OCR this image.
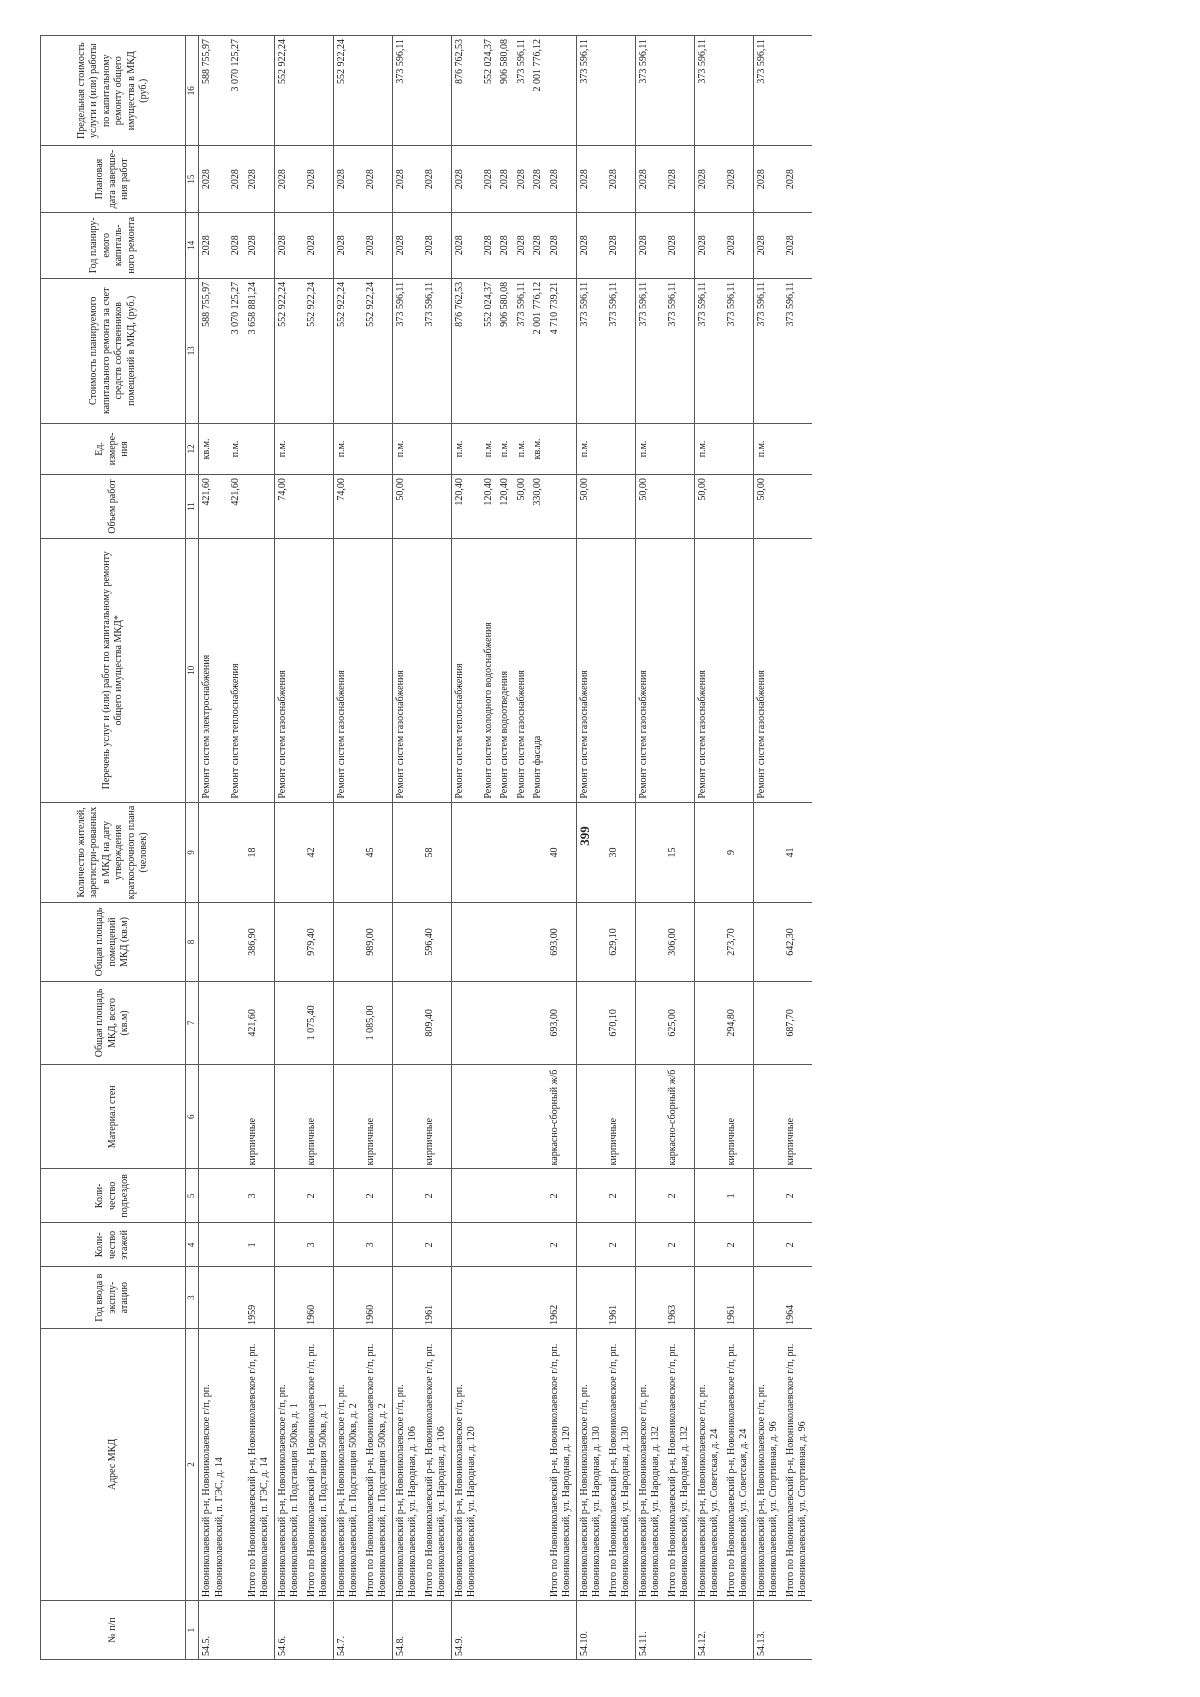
399
№ п/п	Адрес МКД	Год ввода в эксплу-атацию	Коли-чество этажей	Коли-чество подъездов	Материал стен	Общая площадь МКД, всего (кв.м)	Общая площадь помещений МКД (кв.м)	Количество жителей, зарегистри-рованных в МКД на дату утверждения краткосрочного плана (человек)	Перечень услуг и (или) работ по капитальному ремонту общего имущества МКД*	Объем работ	Ед. измере-ния	Стоимость планируемого капитального ремонта за счет средств собственников помещений в МКД, (руб.)	Год планиру-емого капиталь-ного ремонта	Плановая дата заверше-ния работ	Предельная стоимость услуги и (или) работы по капитальному ремонту общего имущества в МКД (руб.)
1	2	3	4	5	6	7	8	9	10	11	12	13	14	15	16
54.5.	Новониколаевский р-н, Новониколаевское г/п, рп. Новониколаевский, п. ГЭС, д. 14								Ремонт систем электроснабжения	421,60	кв.м.	588 755,97	2028	2028	588 755,97
									Ремонт систем теплоснабжения	421,60	п.м.	3 070 125,27	2028	2028	3 070 125,27
	Итого по Новониколаевский р-н, Новониколаевское г/п, рп. Новониколаевский, п. ГЭС, д. 14	1959	1	3	кирпичные	421,60	386,90	18				3 658 881,24	2028	2028	
54.6.	Новониколаевский р-н, Новониколаевское г/п, рп. Новониколаевский, п. Подстанция 500кв, д. 1								Ремонт систем газоснабжения	74,00	п.м.	552 922,24	2028	2028	552 922,24
	Итого по Новониколаевский р-н, Новониколаевское г/п, рп. Новониколаевский, п. Подстанция 500кв, д. 1	1960	3	2	кирпичные	1 075,40	979,40	42				552 922,24	2028	2028	
54.7.	Новониколаевский р-н, Новониколаевское г/п, рп. Новониколаевский, п. Подстанция 500кв, д. 2								Ремонт систем газоснабжения	74,00	п.м.	552 922,24	2028	2028	552 922,24
	Итого по Новониколаевский р-н, Новониколаевское г/п, рп. Новониколаевский, п. Подстанция 500кв, д. 2	1960	3	2	кирпичные	1 085,00	989,00	45				552 922,24	2028	2028	
54.8.	Новониколаевский р-н, Новониколаевское г/п, рп. Новониколаевский, ул. Народная, д. 106								Ремонт систем газоснабжения	50,00	п.м.	373 596,11	2028	2028	373 596,11
	Итого по Новониколаевский р-н, Новониколаевское г/п, рп. Новониколаевский, ул. Народная, д. 106	1961	2	2	кирпичные	809,40	596,40	58				373 596,11	2028	2028	
54.9.	Новониколаевский р-н, Новониколаевское г/п, рп. Новониколаевский, ул. Народная, д. 120								Ремонт систем теплоснабжения	120,40	п.м.	876 762,53	2028	2028	876 762,53
									Ремонт систем холодного водоснабжения	120,40	п.м.	552 024,37	2028	2028	552 024,37
									Ремонт систем водоотведения	120,40	п.м.	906 580,08	2028	2028	906 580,08
									Ремонт систем газоснабжения	50,00	п.м.	373 596,11	2028	2028	373 596,11
									Ремонт фасада	330,00	кв.м.	2 001 776,12	2028	2028	2 001 776,12
	Итого по Новониколаевский р-н, Новониколаевское г/п, рп. Новониколаевский, ул. Народная, д. 120	1962	2	2	каркасно-сборный ж/б	693,00	693,00	40				4 710 739,21	2028	2028	
54.10.	Новониколаевский р-н, Новониколаевское г/п, рп. Новониколаевский, ул. Народная, д. 130								Ремонт систем газоснабжения	50,00	п.м.	373 596,11	2028	2028	373 596,11
	Итого по Новониколаевский р-н, Новониколаевское г/п, рп. Новониколаевский, ул. Народная, д. 130	1961	2	2	кирпичные	670,10	629,10	30				373 596,11	2028	2028	
54.11.	Новониколаевский р-н, Новониколаевское г/п, рп. Новониколаевский, ул. Народная, д. 132								Ремонт систем газоснабжения	50,00	п.м.	373 596,11	2028	2028	373 596,11
	Итого по Новониколаевский р-н, Новониколаевское г/п, рп. Новониколаевский, ул. Народная, д. 132	1963	2	2	каркасно-сборный ж/б	625,00	306,00	15				373 596,11	2028	2028	
54.12.	Новониколаевский р-н, Новониколаевское г/п, рп. Новониколаевский, ул. Советская, д. 24								Ремонт систем газоснабжения	50,00	п.м.	373 596,11	2028	2028	373 596,11
	Итого по Новониколаевский р-н, Новониколаевское г/п, рп. Новониколаевский, ул. Советская, д. 24	1961	2	1	кирпичные	294,80	273,70	9				373 596,11	2028	2028	
54.13.	Новониколаевский р-н, Новониколаевское г/п, рп. Новониколаевский, ул. Спортивная, д. 96								Ремонт систем газоснабжения	50,00	п.м.	373 596,11	2028	2028	373 596,11
	Итого по Новониколаевский р-н, Новониколаевское г/п, рп. Новониколаевский, ул. Спортивная, д. 96	1964	2	2	кирпичные	687,70	642,30	41				373 596,11	2028	2028	
